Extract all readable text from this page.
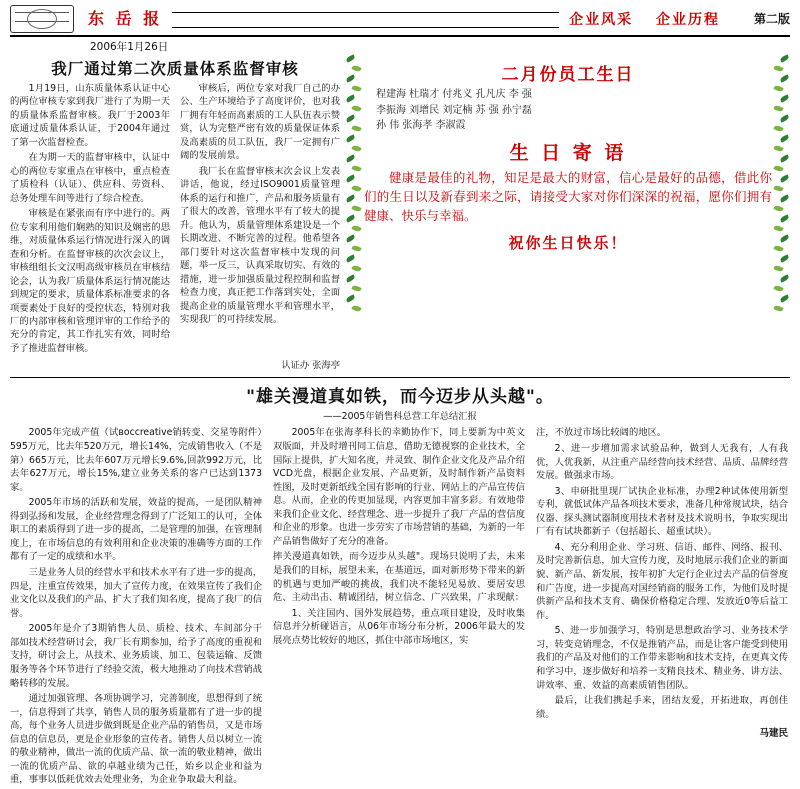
东 岳 报	企业风采 企业历程	第二版
2006年1月26日
我厂通过第二次质量体系监督审核

1月19日，山东质量体系认证中心的两位审核专家到我厂进行了为期一天的质量体系监督审核。我厂于2003年底通过质量体系认证，于2004年通过了第一次监督检查。

在为期一天的监督审核中，认证中心的两位专家重点在审核中，重点检查了质检科（认证）、供应科、劳资科、总务处理车间等进行了综合检查。

审核是在紧张而有序中进行的。两位专家利用他们娴熟的知识及娴密的思维，对质量体系运行情况进行深入的调查和分析。在监督审核的次次会议上，审核组组长文汉明高级审核员在审核结论会，认为我厂质量体系运行情况能达到规定的要求，质量体系标准要求的各项要素处于良好的受控状态，特别对我厂的内部审核和管理评审的工作给予的充分的肯定，其工作扎实有效，同时给予了推进监督审核。

审核后，两位专家对我厂自己的办公、生产环境给予了高度评价，也对我厂拥有年轻而高素质的工人队伍表示赞赏，认为完整严密有效的质量保证体系及高素质的员工队伍，我厂一定拥有广阔的发展前景。

我厂长在监督审核末次会议上发表讲话，他说，经过ISO9001质量管理体系的运行和推广，产品和服务质量有了很大的改善，管理水平有了较大的提升。他认为，质量管理体系建设是一个长期改进、不断完善的过程。他希望各部门要针对这次监督审核中发现的问题，举一反三，认真采取切实、有效的措施，进一步加强质量过程控制和监督检查力度，真正把工作落到实处，全面提高企业的质量管理水平和管理水平，实现我厂的可持续发展。

认证办 张海亭
二月份员工生日
程建海 杜瑞才 付兆义 孔凡庆 李 强
李振海 刘增民 刘定楠 苏 强 孙宁磊
孙 伟 张海孝 李淑霞
生 日 寄 语
健康是最佳的礼物，知足是最大的财富，信心是最好的品德，借此你们的生日以及新春到来之际，请接受大家对你们深深的祝福，愿你们拥有健康、快乐与幸福。
祝你生日快乐！
"雄关漫道真如铁，而今迈步从头越"。
——2005年销售科总营工年总结汇报

2005年完成产值（试восcreative销转变、交星等附件）595万元，比去年520万元，增长14%，完成销售收入（不是第）665万元，比去年607万元增长9.6%,回款992万元，比去年627万元，增长15%,建立业务关系的客户已达到1373家。

2005年市场的活跃和发展，效益的提高，一是团队精神得到弘扬和发展，企业经营理念得到了广泛知工的认可，全体职工的素质得到了进一步的提高，二是管理的加强，在管理制度上，在市场信息的有效利用和企业决策的准确等方面的工作都有了一定的成绩和水平。

三是业务人员的经营水平和技术水平有了进一步的提高，四是，注重宣传效果，加大了宣传力度，在效果宣传了我们企业文化以及我们的产品、扩大了我们知名度，提高了我厂的信誉。

2005年是介了3期销售人员、质检、技术、车间部分干部如技术经营研讨会，我厂长有期参加，给予了高度的重视和支持，研讨会上，从技术、业务质谈、加工、包装运输、反馈服务等各个环节进行了经验交流，极大地推动了向技术营销战略转移的发展。

通过加强管理、各项协调学习，完善制度，思想得到了统一，信息得到了共享，销售人员的服务质量都有了进一步的提高，每个业务人员进步做到既是企业产品的销售员，又是市场信息的信息员，更是企业形象的宣传者。销售人员以树立一流的敬业精神，做出一流的优质产品、欲一流的敬业精神，做出一流的优质产品、欲的卓越业绩为己任，始乡以企业和益为重，事事以低耗优效去处理业务，为企业争取最大利益。

2005年在张海孝科长的幸勤协作下，同上要新为中英文双版面，并及时增刊同工信息，借助无德视察的企业技术，全国际上提供，扩大知名度，并灵致、制作企业文化及产品介绍VCD光盘，根据企业发展、产品更新，及时制作新产品资料性图，及时更新纸线全国有影响的行业、网站上的产品宣传信息。从而，企业的传更加显现，内容更加丰富多彩。有效地带来我们企业文化、经营理念、进一步提升了我厂产品的营信度和企业的形象。也进一步劳实了市场营销的基础，为新的一年产品销售做好了充分的准备。

摔关漫道真如铁，而今迈步从头越"。现场只说明了去，未来是我们的目标，展望未来，在基道远，面对新形势下带来的新的机遇与更加严峻的挑战，我们决不能轻见易放、要居安思危、主动出击、精诚团结，树立信念、广兴致果，广求现献：

1、关注国内、国外发展趋势，重点项目建设，及时收集信息并分析碰语言，从06年市场分布分析，2006年最大的发展亮点势比较好的地区，抓住中部市场地区，实

注，不放过市场比较阔的地区。

2、进一步增加需求试验品种，做到人无我有，人有我优，人优我新，从注重产品经营向技术经营、品质、品牌经营发展。做强求市场。

3、申研批里现厂试执企业标准，办理2种试体使用新型专利，就低试体产品各项技术要求，准备几种常规试块，结合仪器、探头测试器制度用技术者材及技术说明书，争取实现出厂有有试块都新子（包括超长、超重试块）。

4、充分利用企业、学习班、信语、邮件、网络、报刊、及时完善新信息，加大宣传力度，及时地展示我们企业的新面貌、新产品、新发展，按年初扩大定行企业过去产品的信誉度和广告度，进一步提高对国经销商的服务工作，为他们及时提供新产品和技术支育、确保价格稳定合理、发放近0等后益工作。

5、进一步加强学习，特别是思想政治学习、业务技术学习，转变竞销理念，不仅是推销产品，而是让客户能受到使用我们的产品及对他们的工作带来影响和技术支持，在更真文传和学习中，逐步做好和培养一支精良技术、精业务、讲方法、讲效率、重、效益的高素质销售团队。

最后，让我们携起手来，团结友爱，开拓进取，再创佳绩。

马建民
